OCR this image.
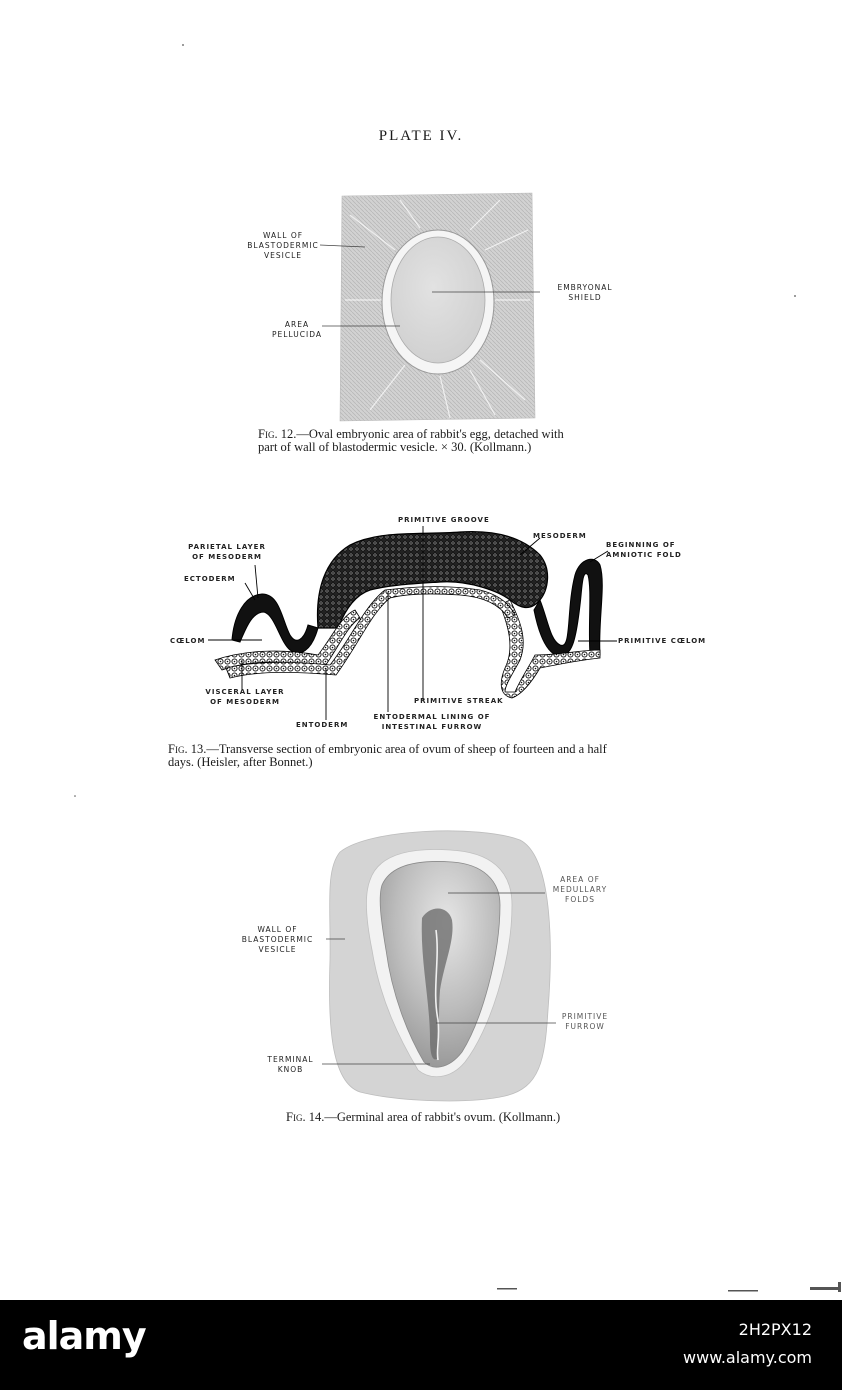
PLATE IV.
WALL OF
BLASTODERMIC
VESICLE
AREA
PELLUCIDA
EMBRYONAL
SHIELD
Fig. 12.—Oval embryonic area of rabbit's egg, detached with
part of wall of blastodermic vesicle. × 30. (Kollmann.)
PRIMITIVE GROOVE
MESODERM
BEGINNING OF
AMNIOTIC FOLD
PARIETAL LAYER
OF MESODERM
ECTODERM
CŒLOM	PRIMITIVE CŒLOM
VISCERAL LAYER
OF MESODERM	PRIMITIVE STREAK
ENTODERM
ENTODERMAL LINING OF
INTESTINAL FURROW
Fig. 13.—Transverse section of embryonic area of ovum of sheep of fourteen and a half
days. (Heisler, after Bonnet.)
AREA OF
MEDULLARY
FOLDS
WALL OF
BLASTODERMIC
VESICLE
PRIMITIVE
FURROW
TERMINAL
KNOB
Fig. 14.—Germinal area of rabbit's ovum. (Kollmann.)
alamy	2H2PX12
www.alamy.com
